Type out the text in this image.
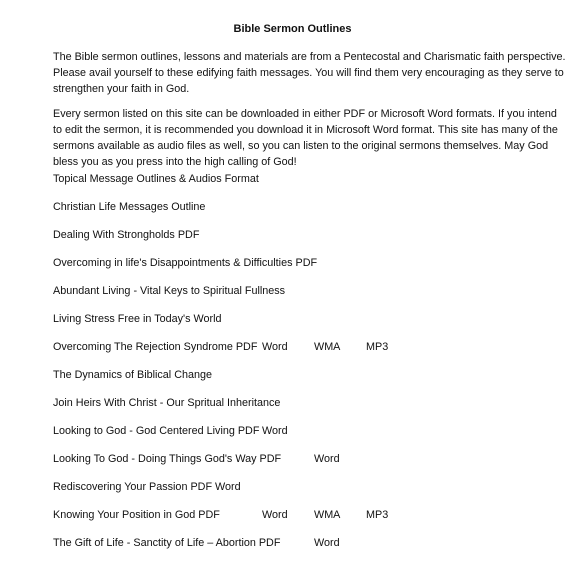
Bible Sermon Outlines

The Bible sermon outlines, lessons and materials are from a Pentecostal and Charismatic faith perspective.
Please avail yourself to these edifying faith messages. You will find them very encouraging as they serve to
strengthen your faith in God.

Every sermon listed on this site can be downloaded in either PDF or Microsoft Word formats. If you intend
to edit the sermon, it is recommended you download it in Microsoft Word format. This site has many of the
sermons available as audio files as well, so you can listen to the original sermons themselves. May God
bless you as you press into the high calling of God!

Topical Message Outlines & Audios Format
Christian Life Messages Outline
Dealing With Strongholds PDF
Overcoming in life's Disappointments & Difficulties PDF
Abundant Living - Vital Keys to Spiritual Fullness
Living Stress Free in Today's World
Overcoming The Rejection Syndrome PDF Word WMA MP3
The Dynamics of Biblical Change
Join Heirs With Christ - Our Spritual Inheritance
Looking to God - God Centered Living PDF Word
Looking To God - Doing Things God's Way PDF	Word
Rediscovering Your Passion PDF Word
Knowing Your Position in God PDF	Word WMA MP3
The Gift of Life - Sanctity of Life – Abortion PDF	Word
